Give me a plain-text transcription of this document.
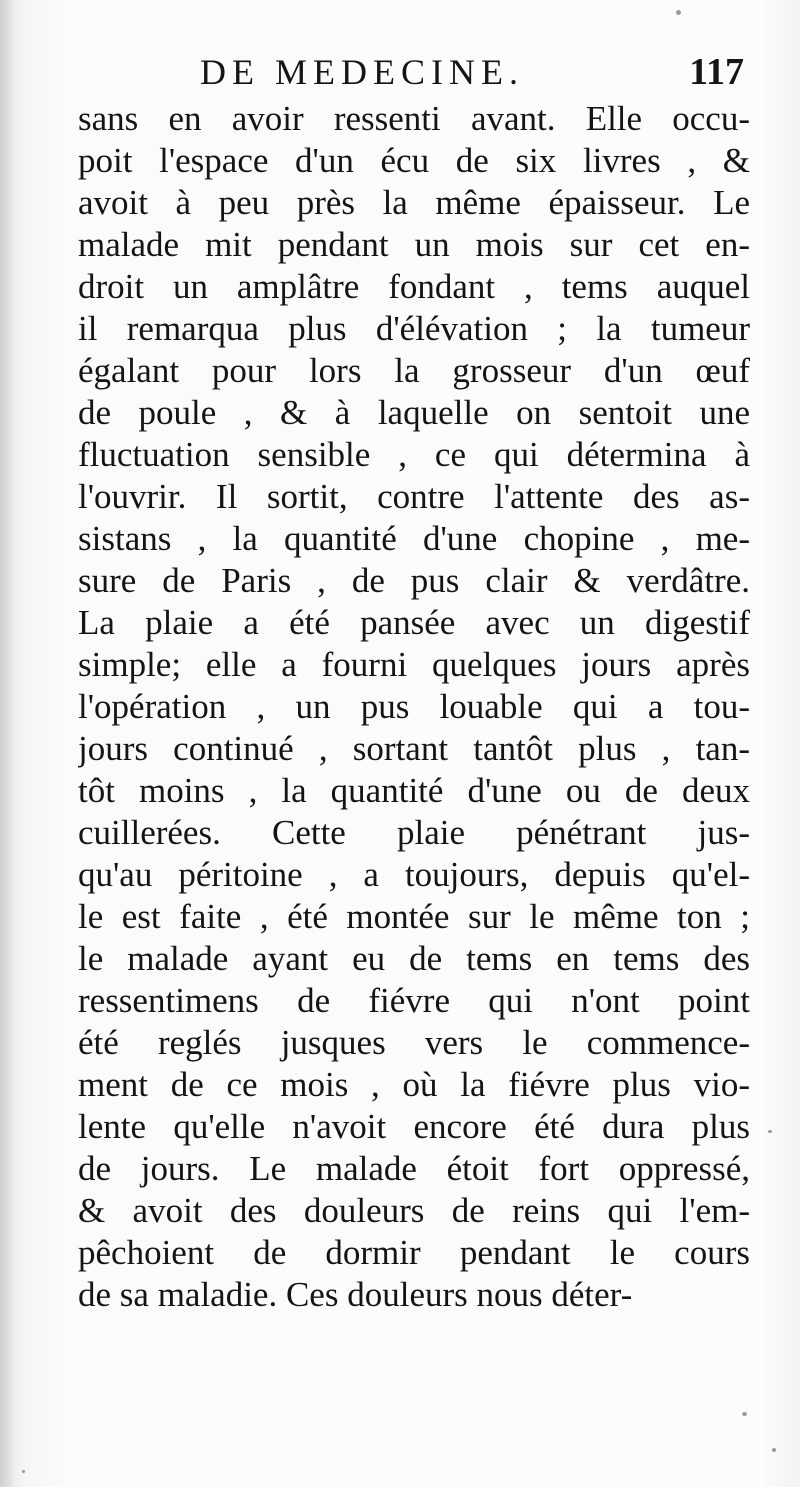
DE MEDECINE.	117
sans en avoir ressenti avant. Elle occu-
poit l'espace d'un écu de six livres , &
avoit à peu près la même épaisseur. Le
malade mit pendant un mois sur cet en-
droit un amplâtre fondant , tems auquel
il remarqua plus d'élévation ; la tumeur
égalant pour lors la grosseur d'un œuf
de poule , & à laquelle on sentoit une
fluctuation sensible , ce qui détermina à
l'ouvrir. Il sortit, contre l'attente des as-
sistans , la quantité d'une chopine , me-
sure de Paris , de pus clair & verdâtre.
La plaie a été pansée avec un digestif
simple; elle a fourni quelques jours après
l'opération , un pus louable qui a tou-
jours continué , sortant tantôt plus , tan-
tôt moins , la quantité d'une ou de deux
cuillerées. Cette plaie pénétrant jus-
qu'au péritoine , a toujours, depuis qu'el-
le est faite , été montée sur le même ton ;
le malade ayant eu de tems en tems des
ressentimens de fiévre qui n'ont point
été reglés jusques vers le commence-
ment de ce mois , où la fiévre plus vio-
lente qu'elle n'avoit encore été dura plus
de jours. Le malade étoit fort oppressé,
& avoit des douleurs de reins qui l'em-
pêchoient de dormir pendant le cours
de sa maladie. Ces douleurs nous déter-
